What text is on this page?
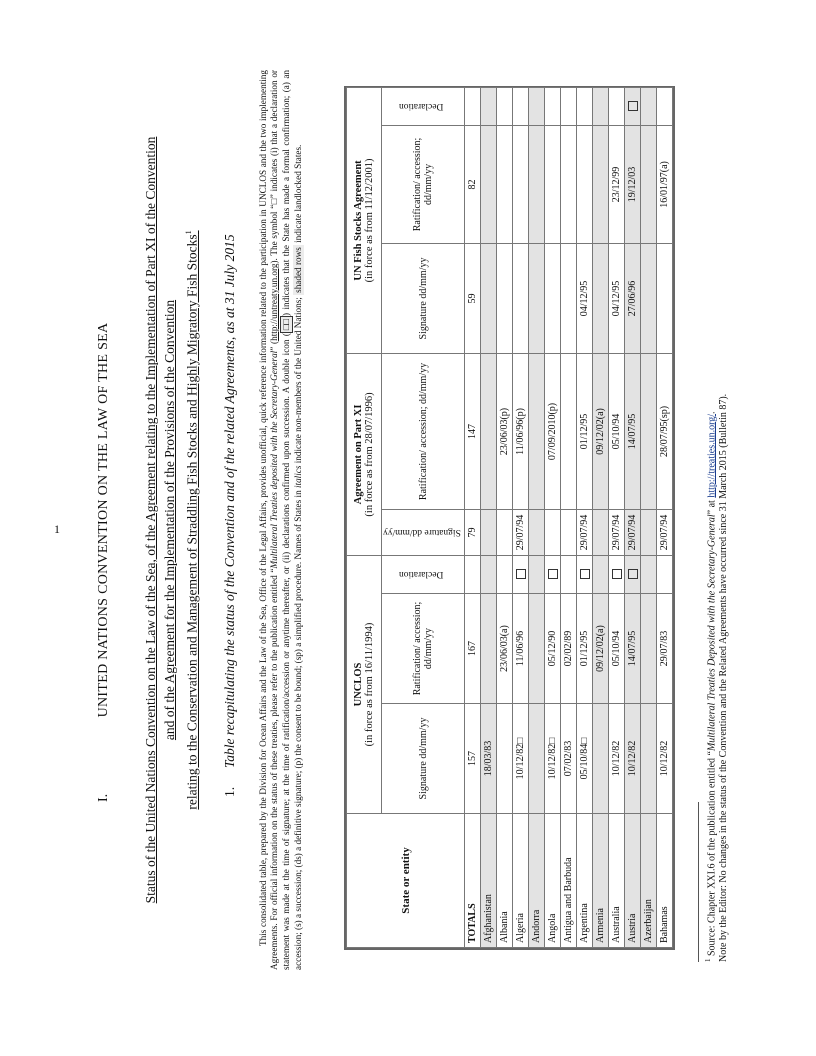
1
I.
UNITED NATIONS CONVENTION ON THE LAW OF THE SEA Status of the United Nations Convention on the Law of the Sea, of the Agreement relating to the Implementation of Part XI of the Convention and of the Agreement for the Implementation of the Provisions of the Convention relating to the Conservation and Management of Straddling Fish Stocks and Highly Migratory Fish Stocks$^1$
1.
Table recapitulating the status of the Convention and of the related Agreements, as at 31 July 2015 This consolidated table, prepared by the Division for Ocean Affairs and the Law of the Sea, Office of the Legal Affairs, provides unofficial, quick reference information related to the participation in UNCLOS and the two implementing Agreements. For official information on the status of these treaties, please refer to the publication entitled “Multilateral Treaties deposited with the Secretary-General” (http://untreaty.un.org). The symbol “□” indicates (i) that a declaration or statement was made at the time of signature; at the time of ratification/accession or anytime thereafter, or (ii) declarations confirmed upon succession. A double icon (□□) indicates that the State has made a formal confirmation; (a) an accession; (s) a succession; (ds) a definitive signature; (p) the consent to be bound; (sp) a simplified procedure. Names of States in italics indicate non-members of the United Nations; shaded rows indicate landlocked States.
State or entity	UNCLOS (in force as from 16/11/1994)			Agreement on Part XI (in force as from 28/07/1996)		UN Fish Stocks Agreement (in force as from 11/12/2001)		
	Signature dd/mm/yy	Ratification/ accession; dd/mm/yy	Declaration	Signature dd/mm/yy	Ratification/ accession; dd/mm/yy	Signature dd/mm/yy	Ratification/ accession; dd/mm/yy	Declaration
TOTALS	157	167		79	147	59	82	
Afghanistan	18/03/83							
Albania		23/06/03(a)			23/06/03(p)			
Algeria	10/12/82□	11/06/96		29/07/94	11/06/96(p)			
Andorra								
Angola	10/12/82□	05/12/90			07/09/2010(p)			
Antigua and Barbuda	07/02/83	02/02/89						
Argentina	05/10/84□	01/12/95		29/07/94	01/12/95	04/12/95		
Armenia		09/12/02(a)			09/12/02(a)			
Australia	10/12/82	05/10/94		29/07/94	05/10/94	04/12/95	23/12/99	
Austria	10/12/82	14/07/95		29/07/94	14/07/95	27/06/96	19/12/03	
Azerbaijan								
Bahamas	10/12/82	29/07/83		29/07/94	28/07/95(sp)		16/01/97(a)	
$^1$ Source: Chapter XXI.6 of the publication entitled “Multilateral Treaties Deposited with the Secretary-General” at http://treaties.un.org/. Note by the Editor: No changes in the status of the Convention and the Related Agreements have occurred since 31 March 2015 (Bulletin 87).
